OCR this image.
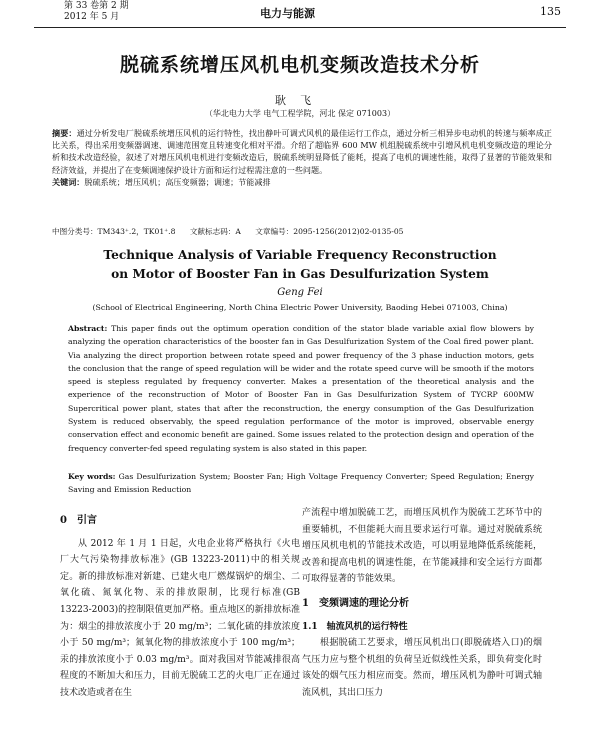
第 33 卷第 2 期
2012 年 5 月	电力与能源	135
脱硫系统增压风机电机变频改造技术分析
耿飞
（华北电力大学 电气工程学院，河北 保定 071003）
摘要：通过分析发电厂脱硫系统增压风机的运行特性，找出静叶可调式风机的最佳运行工作点，通过分析三相异步电动机的转速与频率成正比关系，得出采用变频器调速、调速范围宽且转速变化相对平滑。介绍了超临界 600 MW 机组脱硫系统中引增风机电机变频改造的理论分析和技术改造经验，叙述了对增压风机电机进行变频改造后，脱硫系统明显降低了能耗，提高了电机的调速性能，取得了显著的节能效果和经济效益，并提出了在变频调速保护设计方面和运行过程需注意的一些问题。
关键词：脱硫系统；增压风机；高压变频器；调速；节能减排
中图分类号：TM343⁺.2，TK01⁺.8 文献标志码：A 文章编号：2095-1256(2012)02-0135-05
Technique Analysis of Variable Frequency Reconstruction
on Motor of Booster Fan in Gas Desulfurization System
Geng Fei
(School of Electrical Engineering, North China Electric Power University, Baoding Hebei 071003, China)
Abstract: This paper finds out the optimum operation condition of the stator blade variable axial flow blowers by analyzing the operation characteristics of the booster fan in Gas Desulfurization System of the Coal fired power plant. Via analyzing the direct proportion between rotate speed and power frequency of the 3 phase induction motors, gets the conclusion that the range of speed regulation will be wider and the rotate speed curve will be smooth if the motors speed is stepless regulated by frequency converter. Makes a presentation of the theoretical analysis and the experience of the reconstruction of Motor of Booster Fan in Gas Desulfurization System of TYCRP 600MW Supercritical power plant, states that after the reconstruction, the energy consumption of the Gas Desulfurization System is reduced observably, the speed regulation performance of the motor is improved, observable energy conservation effect and economic benefit are gained. Some issues related to the protection design and operation of the frequency converter-fed speed regulating system is also stated in this paper.
Key words: Gas Desulfurization System; Booster Fan; High Voltage Frequency Converter; Speed Regulation; Energy Saving and Emission Reduction
0　引言

从 2012 年 1 月 1 日起，火电企业将严格执行《火电厂大气污染物排放标准》(GB 13223-2011)中的相关规定。新的排放标准对新建、已建火电厂燃煤锅炉的烟尘、二氧化硫、氮氧化物、汞的排放限制，比现行标准(GB 13223-2003)的控制限值更加严格。重点地区的新排放标准为：烟尘的排放浓度小于 20 mg/m³；二氧化硫的排放浓度小于 50 mg/m³；氮氧化物的排放浓度小于 100 mg/m³；汞的排放浓度小于 0.03 mg/m³。面对我国对节能减排很高程度的不断加大和压力，目前无脱硫工艺的火电厂正在通过技术改造或者在生

产流程中增加脱硫工艺，而增压风机作为脱硫工艺环节中的重要辅机，不但能耗大而且要求运行可靠。通过对脱硫系统增压风机电机的节能技术改造，可以明显地降低系统能耗，改善和提高电机的调速性能，在节能减排和安全运行方面都可取得显著的节能效果。

1　变频调速的理论分析
1.1　轴流风机的运行特性

根据脱硫工艺要求，增压风机出口(即脱硫塔入口)的烟气压力应与整个机组的负荷呈近似线性关系，即负荷变化时该处的烟气压力相应而变。然而，增压风机为静叶可调式轴流风机，其出口压力
